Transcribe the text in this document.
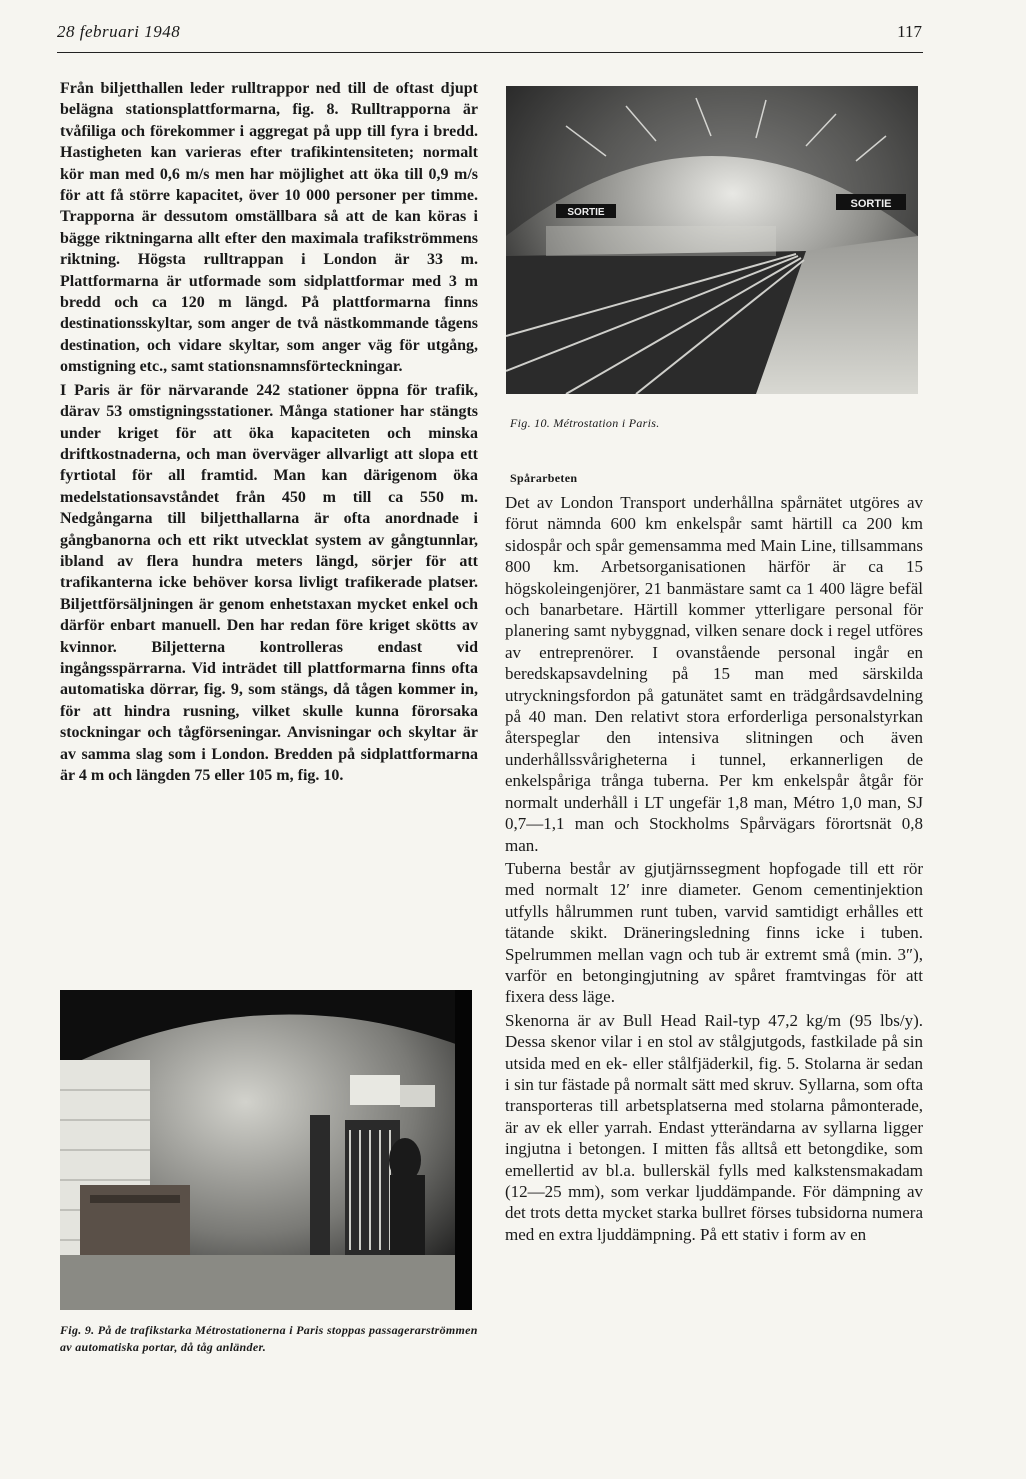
28 februari 1948	117

Från biljetthallen leder rulltrappor ned till de oftast djupt belägna stationsplattformarna, fig. 8. Rulltrapporna är tvåfiliga och förekommer i aggregat på upp till fyra i bredd. Hastigheten kan varieras efter trafikintensiteten; normalt kör man med 0,6 m/s men har möjlighet att öka till 0,9 m/s för att få större kapacitet, över 10 000 personer per timme. Trapporna är dessutom omställbara så att de kan köras i bägge riktningarna allt efter den maximala trafikströmmens riktning. Högsta rulltrappan i London är 33 m. Plattformarna är utformade som sidplattformar med 3 m bredd och ca 120 m längd. På plattformarna finns destinationsskyltar, som anger de två nästkommande tågens destination, och vidare skyltar, som anger väg för utgång, omstigning etc., samt stationsnamnsförteckningar.

I Paris är för närvarande 242 stationer öppna för trafik, därav 53 omstigningsstationer. Många stationer har stängts under kriget för att öka kapaciteten och minska driftkostnaderna, och man överväger allvarligt att slopa ett fyrtiotal för all framtid. Man kan därigenom öka medelstationsavståndet från 450 m till ca 550 m. Nedgångarna till biljetthallarna är ofta anordnade i gångbanorna och ett rikt utvecklat system av gångtunnlar, ibland av flera hundra meters längd, sörjer för att trafikanterna icke behöver korsa livligt trafikerade platser. Biljettförsäljningen är genom enhetstaxan mycket enkel och därför enbart manuell. Den har redan före kriget skötts av kvinnor. Biljetterna kontrolleras endast vid ingångsspärrarna. Vid inträdet till plattformarna finns ofta automatiska dörrar, fig. 9, som stängs, då tågen kommer in, för att hindra rusning, vilket skulle kunna förorsaka stockningar och tågförseningar. Anvisningar och skyltar är av samma slag som i London. Bredden på sidplattformarna är 4 m och längden 75 eller 105 m, fig. 10.

SORTIE
SORTIE
Fig. 10. Métrostation i Paris.
Spårarbeten

Det av London Transport underhållna spårnätet utgöres av förut nämnda 600 km enkelspår samt härtill ca 200 km sidospår och spår gemensamma med Main Line, tillsammans 800 km. Arbetsorganisationen härför är ca 15 högskoleingenjörer, 21 banmästare samt ca 1 400 lägre befäl och banarbetare. Härtill kommer ytterligare personal för planering samt nybyggnad, vilken senare dock i regel utföres av entreprenörer. I ovanstående personal ingår en beredskapsavdelning på 15 man med särskilda utryckningsfordon på gatunätet samt en trädgårdsavdelning på 40 man. Den relativt stora erforderliga personalstyrkan återspeglar den intensiva slitningen och även underhållssvårigheterna i tunnel, erkannerligen de enkelspåriga trånga tuberna. Per km enkelspår åtgår för normalt underhåll i LT ungefär 1,8 man, Métro 1,0 man, SJ 0,7—1,1 man och Stockholms Spårvägars förortsnät 0,8 man.

Tuberna består av gjutjärnssegment hopfogade till ett rör med normalt 12′ inre diameter. Genom cementinjektion utfylls hålrummen runt tuben, varvid samtidigt erhålles ett tätande skikt. Dräneringsledning finns icke i tuben. Spelrummen mellan vagn och tub är extremt små (min. 3″), varför en betongingjutning av spåret framtvingas för att fixera dess läge.

Skenorna är av Bull Head Rail-typ 47,2 kg/m (95 lbs/y). Dessa skenor vilar i en stol av stålgjutgods, fastkilade på sin utsida med en ek- eller stålfjäderkil, fig. 5. Stolarna är sedan i sin tur fästade på normalt sätt med skruv. Syllarna, som ofta transporteras till arbetsplatserna med stolarna påmonterade, är av ek eller yarrah. Endast ytterändarna av syllarna ligger ingjutna i betongen. I mitten fås alltså ett betongdike, som emellertid av bl.a. bullerskäl fylls med kalkstensmakadam (12—25 mm), som verkar ljuddämpande. För dämpning av det trots detta mycket starka bullret förses tubsidorna numera med en extra ljuddämpning. På ett stativ i form av en

Fig. 9. På de trafikstarka Métrostationerna i Paris stoppas passagerarströmmen av automatiska portar, då tåg anländer.
